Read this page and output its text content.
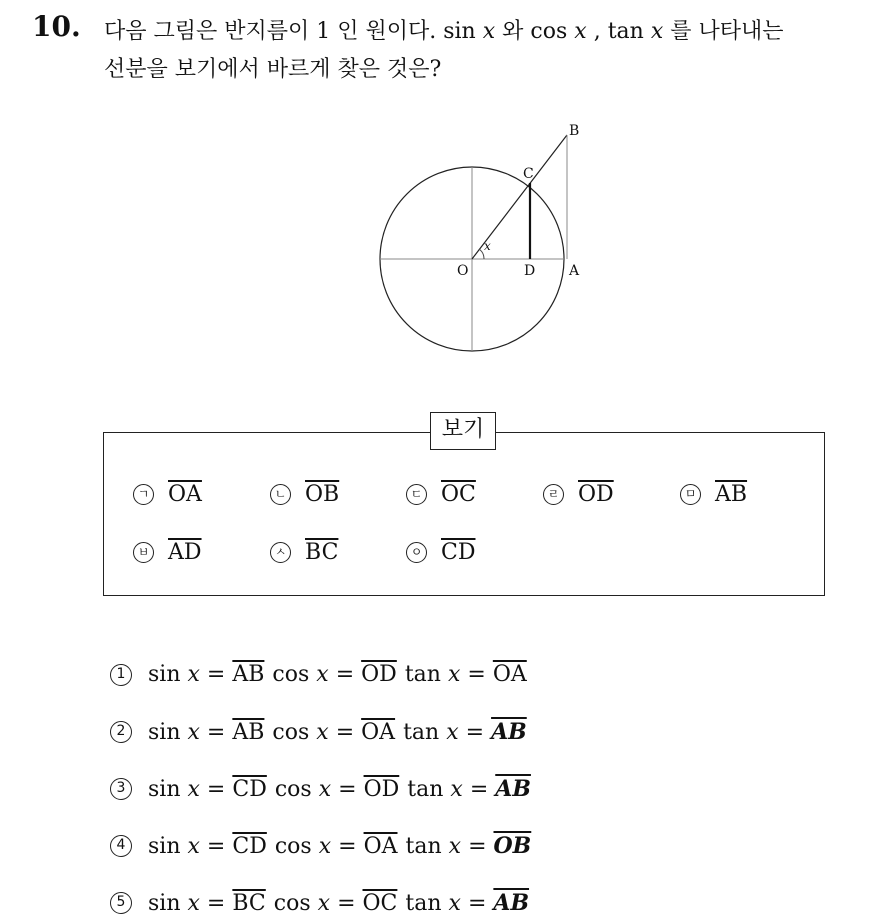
10. 다음 그림은 반지름이 1 인 원이다. sin x 와 cos x , tan x 를 나타내는
선분을 보기에서 바르게 찾은 것은?
x
B
C
O	D A
보기
ㄱ $\overline{OA}$	ㄴ $\overline{OB}$	ㄷ $\overline{OC}$	ㄹ $\overline{OD}$	ㅁ $\overline{AB}$
ㅂ $\overline{AD}$	ㅅ $\overline{BC}$	ㅇ $\overline{CD}$
1 sin
x
=
$\overline{AB}$ cos
x
=
$\overline{OD}$ tan
x
=
$\overline{OA}$
2 sin
x
=
$\overline{AB}$ cos
x
=
$\overline{OA}$ tan
x
=
$\overline{AB}$
3 sin
x
=
$\overline{CD}$ cos
x
=
$\overline{OD}$ tan
x
=
$\overline{AB}$
4 sin
x
=
$\overline{CD}$ cos
x
=
$\overline{OA}$ tan
x
=
$\overline{OB}$
5 sin
x
=
$\overline{BC}$ cos
x
=
$\overline{OC}$ tan
x
=
$\overline{AB}$
